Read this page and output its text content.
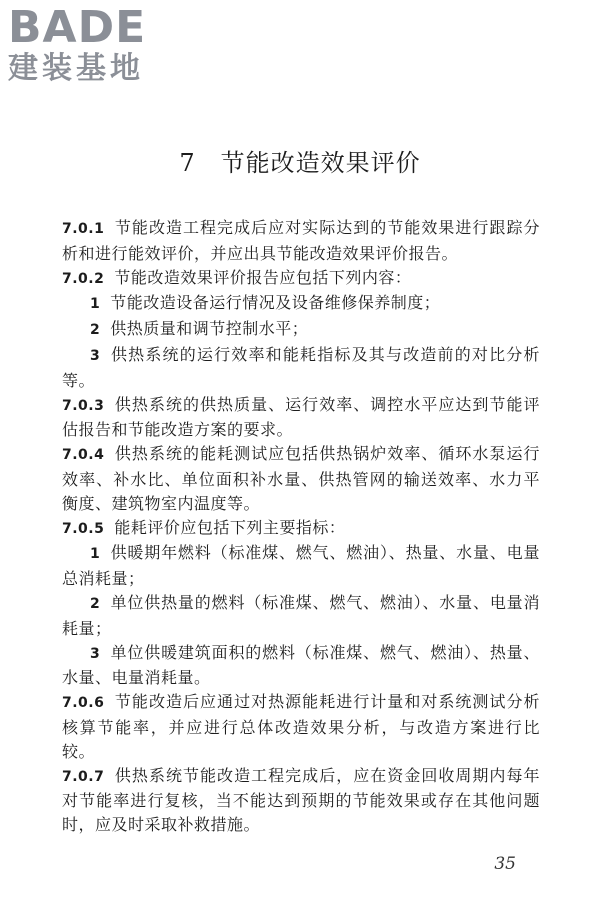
BADE
建装基地
7　节能改造效果评价

7.0.1 节能改造工程完成后应对实际达到的节能效果进行跟踪分析和进行能效评价，并应出具节能改造效果评价报告。

7.0.2 节能改造效果评价报告应包括下列内容：

1 节能改造设备运行情况及设备维修保养制度；

2 供热质量和调节控制水平；

3 供热系统的运行效率和能耗指标及其与改造前的对比分析等。

7.0.3 供热系统的供热质量、运行效率、调控水平应达到节能评估报告和节能改造方案的要求。

7.0.4 供热系统的能耗测试应包括供热锅炉效率、循环水泵运行效率、补水比、单位面积补水量、供热管网的输送效率、水力平衡度、建筑物室内温度等。

7.0.5 能耗评价应包括下列主要指标：

1 供暖期年燃料（标准煤、燃气、燃油）、热量、水量、电量总消耗量；

2 单位供热量的燃料（标准煤、燃气、燃油）、水量、电量消耗量；

3 单位供暖建筑面积的燃料（标准煤、燃气、燃油）、热量、水量、电量消耗量。

7.0.6 节能改造后应通过对热源能耗进行计量和对系统测试分析核算节能率，并应进行总体改造效果分析，与改造方案进行比较。

7.0.7 供热系统节能改造工程完成后，应在资金回收周期内每年对节能率进行复核，当不能达到预期的节能效果或存在其他问题时，应及时采取补救措施。

35
